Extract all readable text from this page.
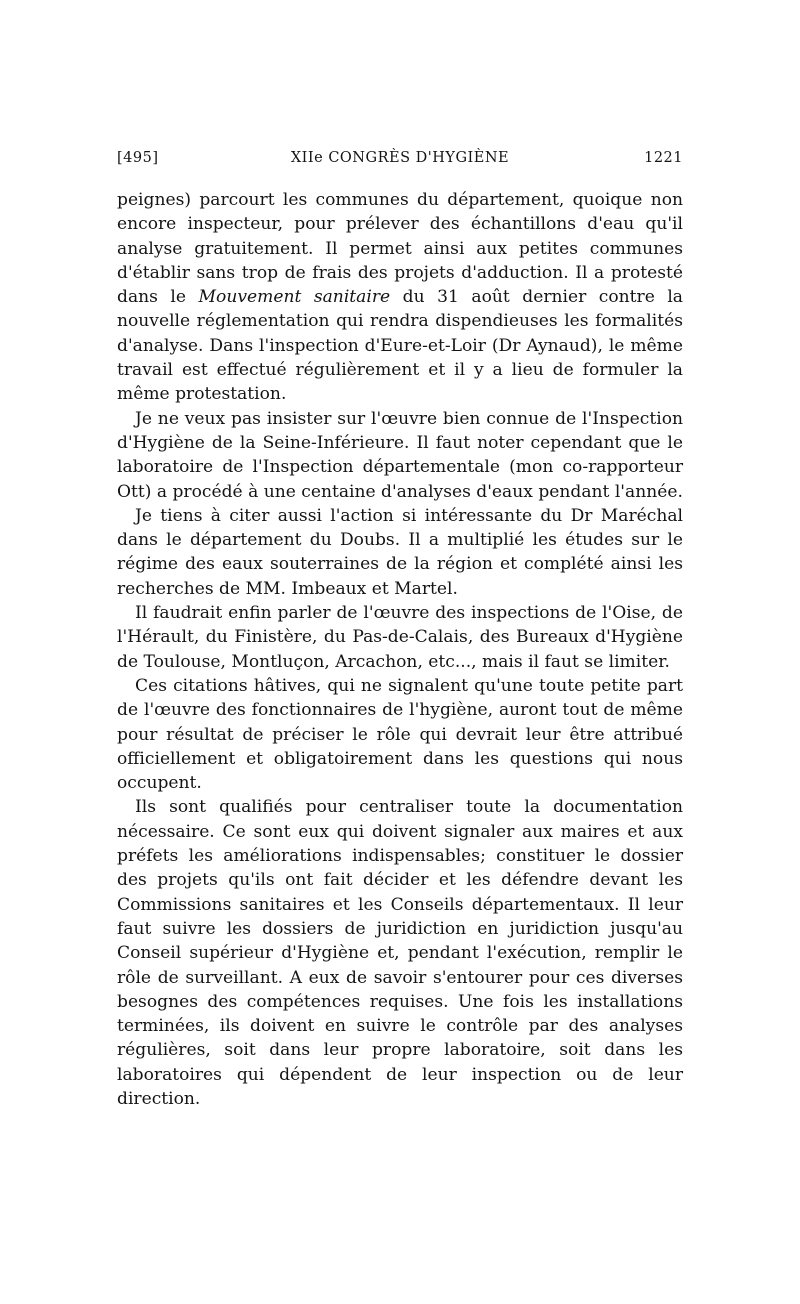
[495]	XIIe CONGRÈS D'HYGIÈNE	1221

peignes) parcourt les communes du département, quoique non encore inspecteur, pour prélever des échantillons d'eau qu'il analyse gratuitement. Il permet ainsi aux petites communes d'établir sans trop de frais des projets d'adduction. Il a protesté dans le Mouvement sanitaire du 31 août dernier contre la nouvelle réglementation qui rendra dispendieuses les formalités d'analyse. Dans l'inspection d'Eure-et-Loir (Dr Aynaud), le même travail est effectué régulièrement et il y a lieu de formuler la même protestation.

Je ne veux pas insister sur l'œuvre bien connue de l'Inspection d'Hygiène de la Seine-Inférieure. Il faut noter cependant que le laboratoire de l'Inspection départementale (mon co-rapporteur Ott) a procédé à une centaine d'analyses d'eaux pendant l'année.

Je tiens à citer aussi l'action si intéressante du Dr Maréchal dans le département du Doubs. Il a multiplié les études sur le régime des eaux souterraines de la région et complété ainsi les recherches de MM. Imbeaux et Martel.

Il faudrait enfin parler de l'œuvre des inspections de l'Oise, de l'Hérault, du Finistère, du Pas-de-Calais, des Bureaux d'Hygiène de Toulouse, Montluçon, Arcachon, etc..., mais il faut se limiter.

Ces citations hâtives, qui ne signalent qu'une toute petite part de l'œuvre des fonctionnaires de l'hygiène, auront tout de même pour résultat de préciser le rôle qui devrait leur être attribué officiellement et obligatoirement dans les questions qui nous occupent.

Ils sont qualifiés pour centraliser toute la documentation nécessaire. Ce sont eux qui doivent signaler aux maires et aux préfets les améliorations indispensables; constituer le dossier des projets qu'ils ont fait décider et les défendre devant les Commissions sanitaires et les Conseils départementaux. Il leur faut suivre les dossiers de juridiction en juridiction jusqu'au Conseil supérieur d'Hygiène et, pendant l'exécution, remplir le rôle de surveillant. A eux de savoir s'entourer pour ces diverses besognes des compétences requises. Une fois les installations terminées, ils doivent en suivre le contrôle par des analyses régulières, soit dans leur propre laboratoire, soit dans les laboratoires qui dépendent de leur inspection ou de leur direction.
